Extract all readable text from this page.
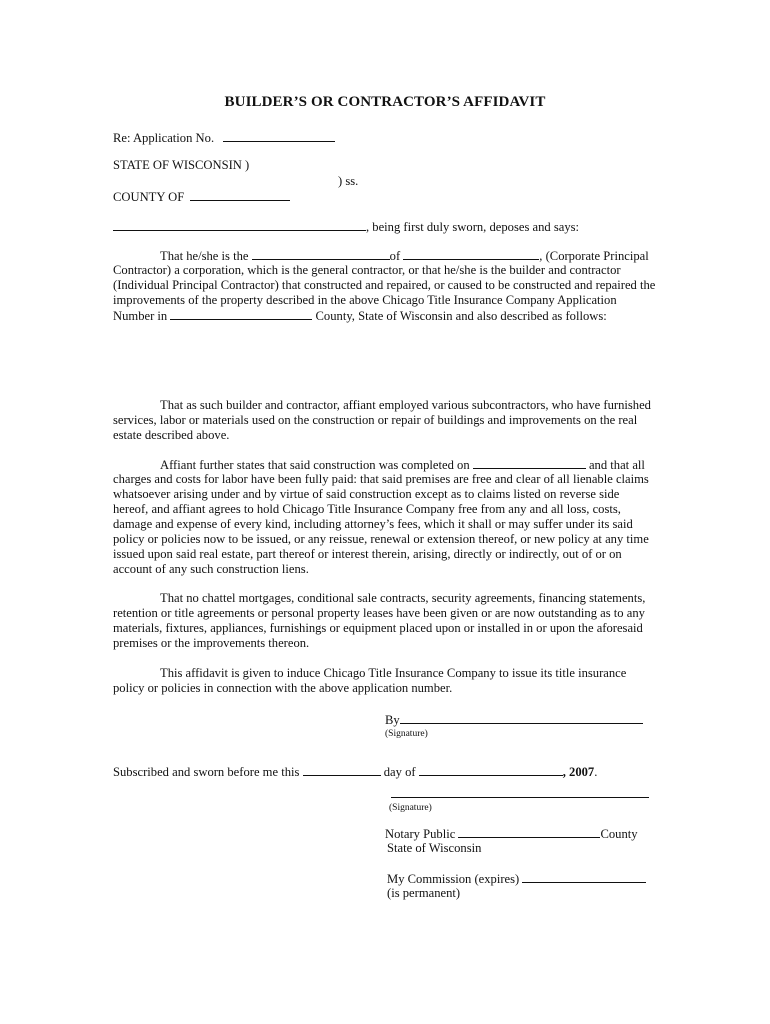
BUILDER’S OR CONTRACTOR’S AFFIDAVIT
Re: Application No.
STATE OF WISCONSIN )
) ss.
COUNTY OF
, being first duly sworn, deposes and says:
That he/she is the	of	, (Corporate Principal
Contractor) a corporation, which is the general contractor, or that he/she is the builder and contractor
(Individual Principal Contractor) that constructed and repaired, or caused to be constructed and repaired the
improvements of the property described in the above Chicago Title Insurance Company Application
Number in	County, State of Wisconsin and also described as follows:
That as such builder and contractor, affiant employed various subcontractors, who have furnished
services, labor or materials used on the construction or repair of buildings and improvements on the real
estate described above.
Affiant further states that said construction was completed on	and that all
charges and costs for labor have been fully paid: that said premises are free and clear of all lienable claims
whatsoever arising under and by virtue of said construction except as to claims listed on reverse side
hereof, and affiant agrees to hold Chicago Title Insurance Company free from any and all loss, costs,
damage and expense of every kind, including attorney’s fees, which it shall or may suffer under its said
policy or policies now to be issued, or any reissue, renewal or extension thereof, or new policy at any time
issued upon said real estate, part thereof or interest therein, arising, directly or indirectly, out of or on
account of any such construction liens.
That no chattel mortgages, conditional sale contracts, security agreements, financing statements,
retention or title agreements or personal property leases have been given or are now outstanding as to any
materials, fixtures, appliances, furnishings or equipment placed upon or installed in or upon the aforesaid
premises or the improvements thereon.
This affidavit is given to induce Chicago Title Insurance Company to issue its title insurance
policy or policies in connection with the above application number.
By
(Signature)
Subscribed and sworn before me this	day of	, 2007.
(Signature)
Notary Public	County
State of Wisconsin
My Commission (expires)
(is permanent)
